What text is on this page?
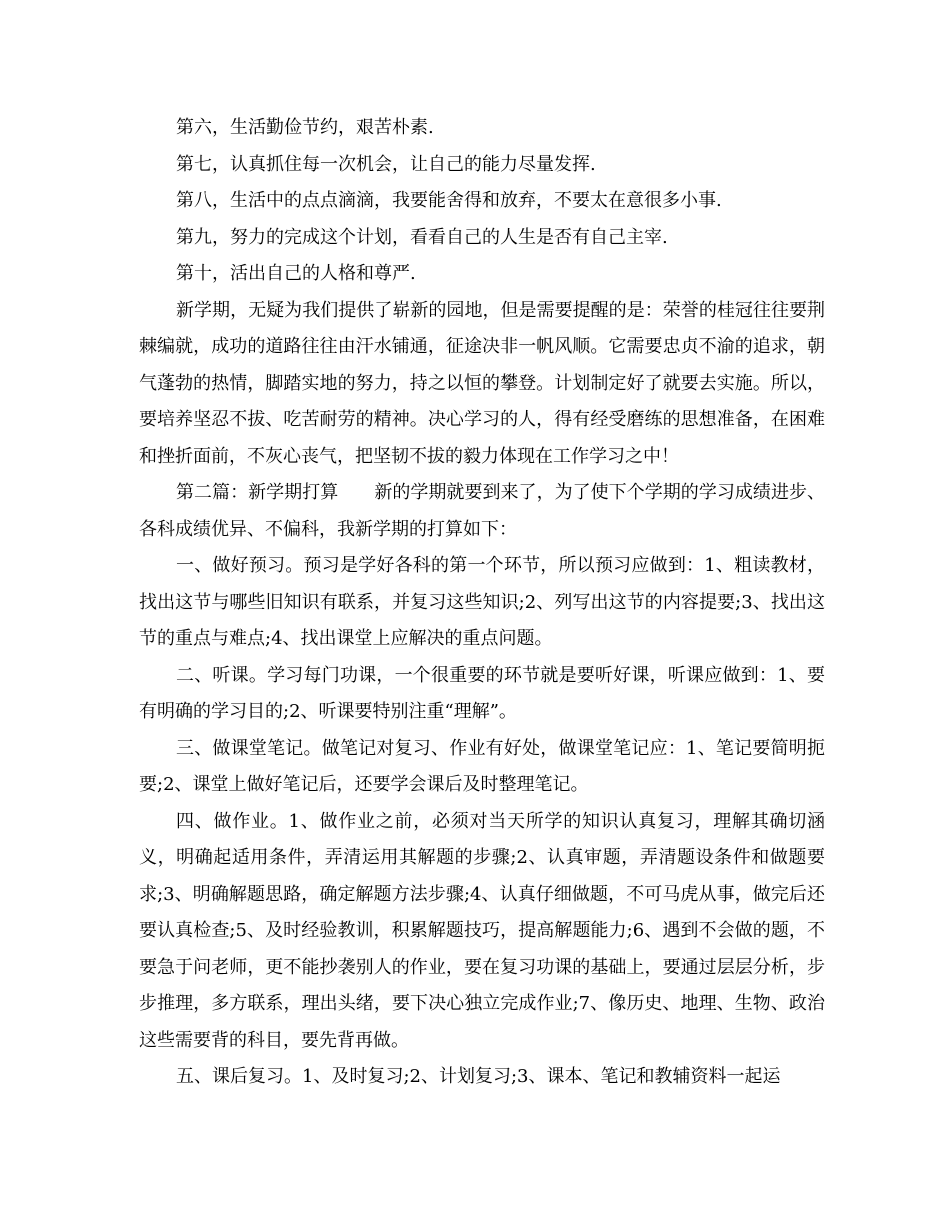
第六，生活勤俭节约，艰苦朴素.

第七，认真抓住每一次机会，让自己的能力尽量发挥.

第八，生活中的点点滴滴，我要能舍得和放弃，不要太在意很多小事.

第九，努力的完成这个计划，看看自己的人生是否有自己主宰.

第十，活出自己的人格和尊严.

新学期，无疑为我们提供了崭新的园地，但是需要提醒的是：荣誉的桂冠往往要荆棘编就，成功的道路往往由汗水铺通，征途决非一帆风顺。它需要忠贞不渝的追求，朝气蓬勃的热情，脚踏实地的努力，持之以恒的攀登。计划制定好了就要去实施。所以，要培养坚忍不拔、吃苦耐劳的精神。决心学习的人，得有经受磨练的思想准备，在困难和挫折面前，不灰心丧气，把坚韧不拔的毅力体现在工作学习之中！

第二篇：新学期打算　　新的学期就要到来了，为了使下个学期的学习成绩进步、各科成绩优异、不偏科，我新学期的打算如下：

一、做好预习。预习是学好各科的第一个环节，所以预习应做到：1、粗读教材，找出这节与哪些旧知识有联系，并复习这些知识;2、列写出这节的内容提要;3、找出这节的重点与难点;4、找出课堂上应解决的重点问题。

二、听课。学习每门功课，一个很重要的环节就是要听好课，听课应做到：1、要有明确的学习目的;2、听课要特别注重“理解”。

三、做课堂笔记。做笔记对复习、作业有好处，做课堂笔记应：1、笔记要简明扼要;2、课堂上做好笔记后，还要学会课后及时整理笔记。

四、做作业。1、做作业之前，必须对当天所学的知识认真复习，理解其确切涵义，明确起适用条件，弄清运用其解题的步骤;2、认真审题，弄清题设条件和做题要求;3、明确解题思路，确定解题方法步骤;4、认真仔细做题，不可马虎从事，做完后还要认真检查;5、及时经验教训，积累解题技巧，提高解题能力;6、遇到不会做的题，不要急于问老师，更不能抄袭别人的作业，要在复习功课的基础上，要通过层层分析，步步推理，多方联系，理出头绪，要下决心独立完成作业;7、像历史、地理、生物、政治这些需要背的科目，要先背再做。

五、课后复习。1、及时复习;2、计划复习;3、课本、笔记和教辅资料一起运
